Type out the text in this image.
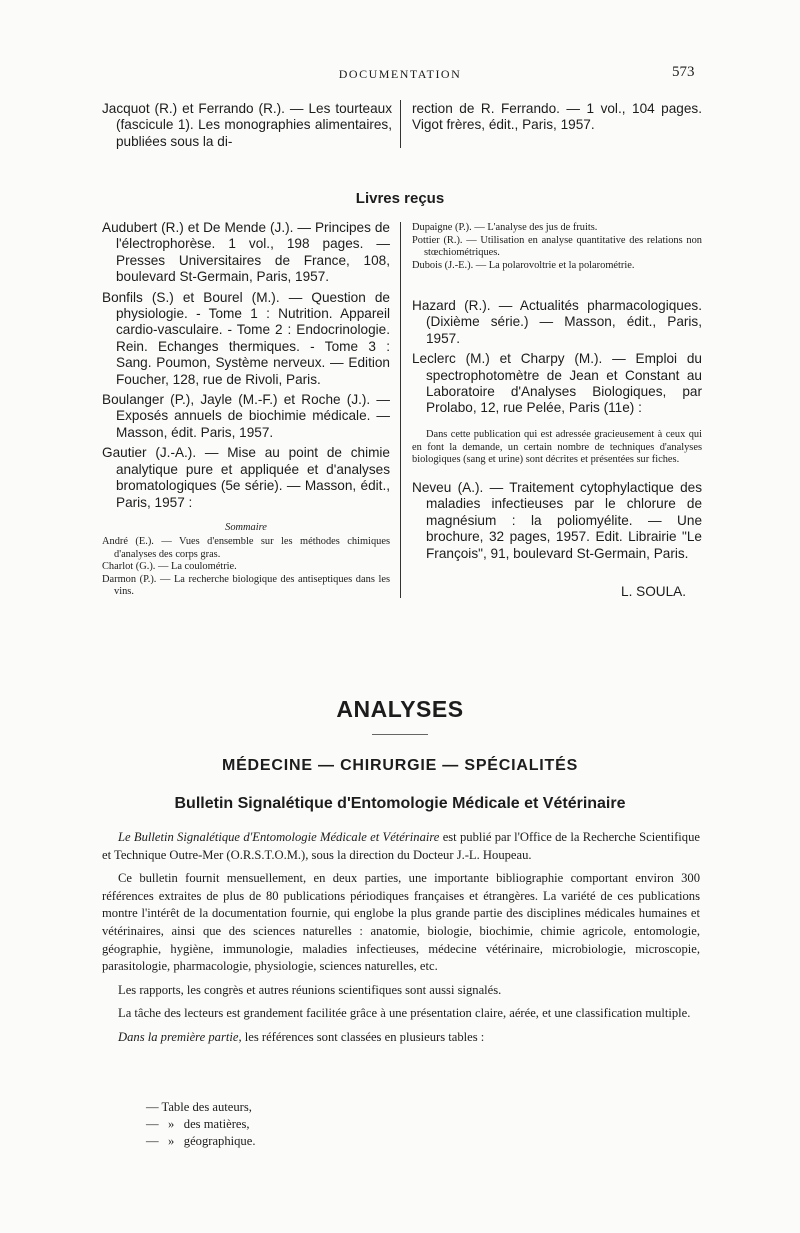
DOCUMENTATION	573

Jacquot (R.) et Ferrando (R.). — Les tourteaux (fascicule 1). Les monographies alimentaires, publiées sous la di-

rection de R. Ferrando. — 1 vol., 104 pages. Vigot frères, édit., Paris, 1957.

Livres reçus

Audubert (R.) et De Mende (J.). — Principes de l'électrophorèse. 1 vol., 198 pages. — Presses Universitaires de France, 108, boulevard St-Germain, Paris, 1957.

Bonfils (S.) et Bourel (M.). — Question de physiologie. - Tome 1 : Nutrition. Appareil cardio-vasculaire. - Tome 2 : Endocrinologie. Rein. Echanges thermiques. - Tome 3 : Sang. Poumon, Système nerveux. — Edition Foucher, 128, rue de Rivoli, Paris.

Boulanger (P.), Jayle (M.-F.) et Roche (J.). — Exposés annuels de biochimie médicale. — Masson, édit. Paris, 1957.

Gautier (J.-A.). — Mise au point de chimie analytique pure et appliquée et d'analyses bromatologiques (5e série). — Masson, édit., Paris, 1957 :

Sommaire

André (E.). — Vues d'ensemble sur les méthodes chimiques d'analyses des corps gras.

Charlot (G.). — La coulométrie.

Darmon (P.). — La recherche biologique des antiseptiques dans les vins.

Dupaigne (P.). — L'analyse des jus de fruits.

Pottier (R.). — Utilisation en analyse quantitative des relations non stœchiométriques.

Dubois (J.-E.). — La polarovoltrie et la polarométrie.

Hazard (R.). — Actualités pharmacologiques. (Dixième série.) — Masson, édit., Paris, 1957.

Leclerc (M.) et Charpy (M.). — Emploi du spectrophotomètre de Jean et Constant au Laboratoire d'Analyses Biologiques, par Prolabo, 12, rue Pelée, Paris (11e) :

Dans cette publication qui est adressée gracieusement à ceux qui en font la demande, un certain nombre de techniques d'analyses biologiques (sang et urine) sont décrites et présentées sur fiches.

Neveu (A.). — Traitement cytophylactique des maladies infectieuses par le chlorure de magnésium : la poliomyélite. — Une brochure, 32 pages, 1957. Edit. Librairie "Le François", 91, boulevard St-Germain, Paris.

L. SOULA.
ANALYSES
MÉDECINE — CHIRURGIE — SPÉCIALITÉS
Bulletin Signalétique d'Entomologie Médicale et Vétérinaire

Le Bulletin Signalétique d'Entomologie Médicale et Vétérinaire est publié par l'Office de la Recherche Scientifique et Technique Outre-Mer (O.R.S.T.O.M.), sous la direction du Docteur J.-L. Houpeau.

Ce bulletin fournit mensuellement, en deux parties, une importante bibliographie comportant environ 300 références extraites de plus de 80 publications périodiques françaises et étrangères. La variété de ces publications montre l'intérêt de la documentation fournie, qui englobe la plus grande partie des disciplines médicales humaines et vétérinaires, ainsi que des sciences naturelles : anatomie, biologie, biochimie, chimie agricole, entomologie, géographie, hygiène, immunologie, maladies infectieuses, médecine vétérinaire, microbiologie, microscopie, parasitologie, pharmacologie, physiologie, sciences naturelles, etc.

Les rapports, les congrès et autres réunions scientifiques sont aussi signalés.

La tâche des lecteurs est grandement facilitée grâce à une présentation claire, aérée, et une classification multiple.

Dans la première partie, les références sont classées en plusieurs tables :

— Table des auteurs,
—   »   des matières,
—   »   géographique.
